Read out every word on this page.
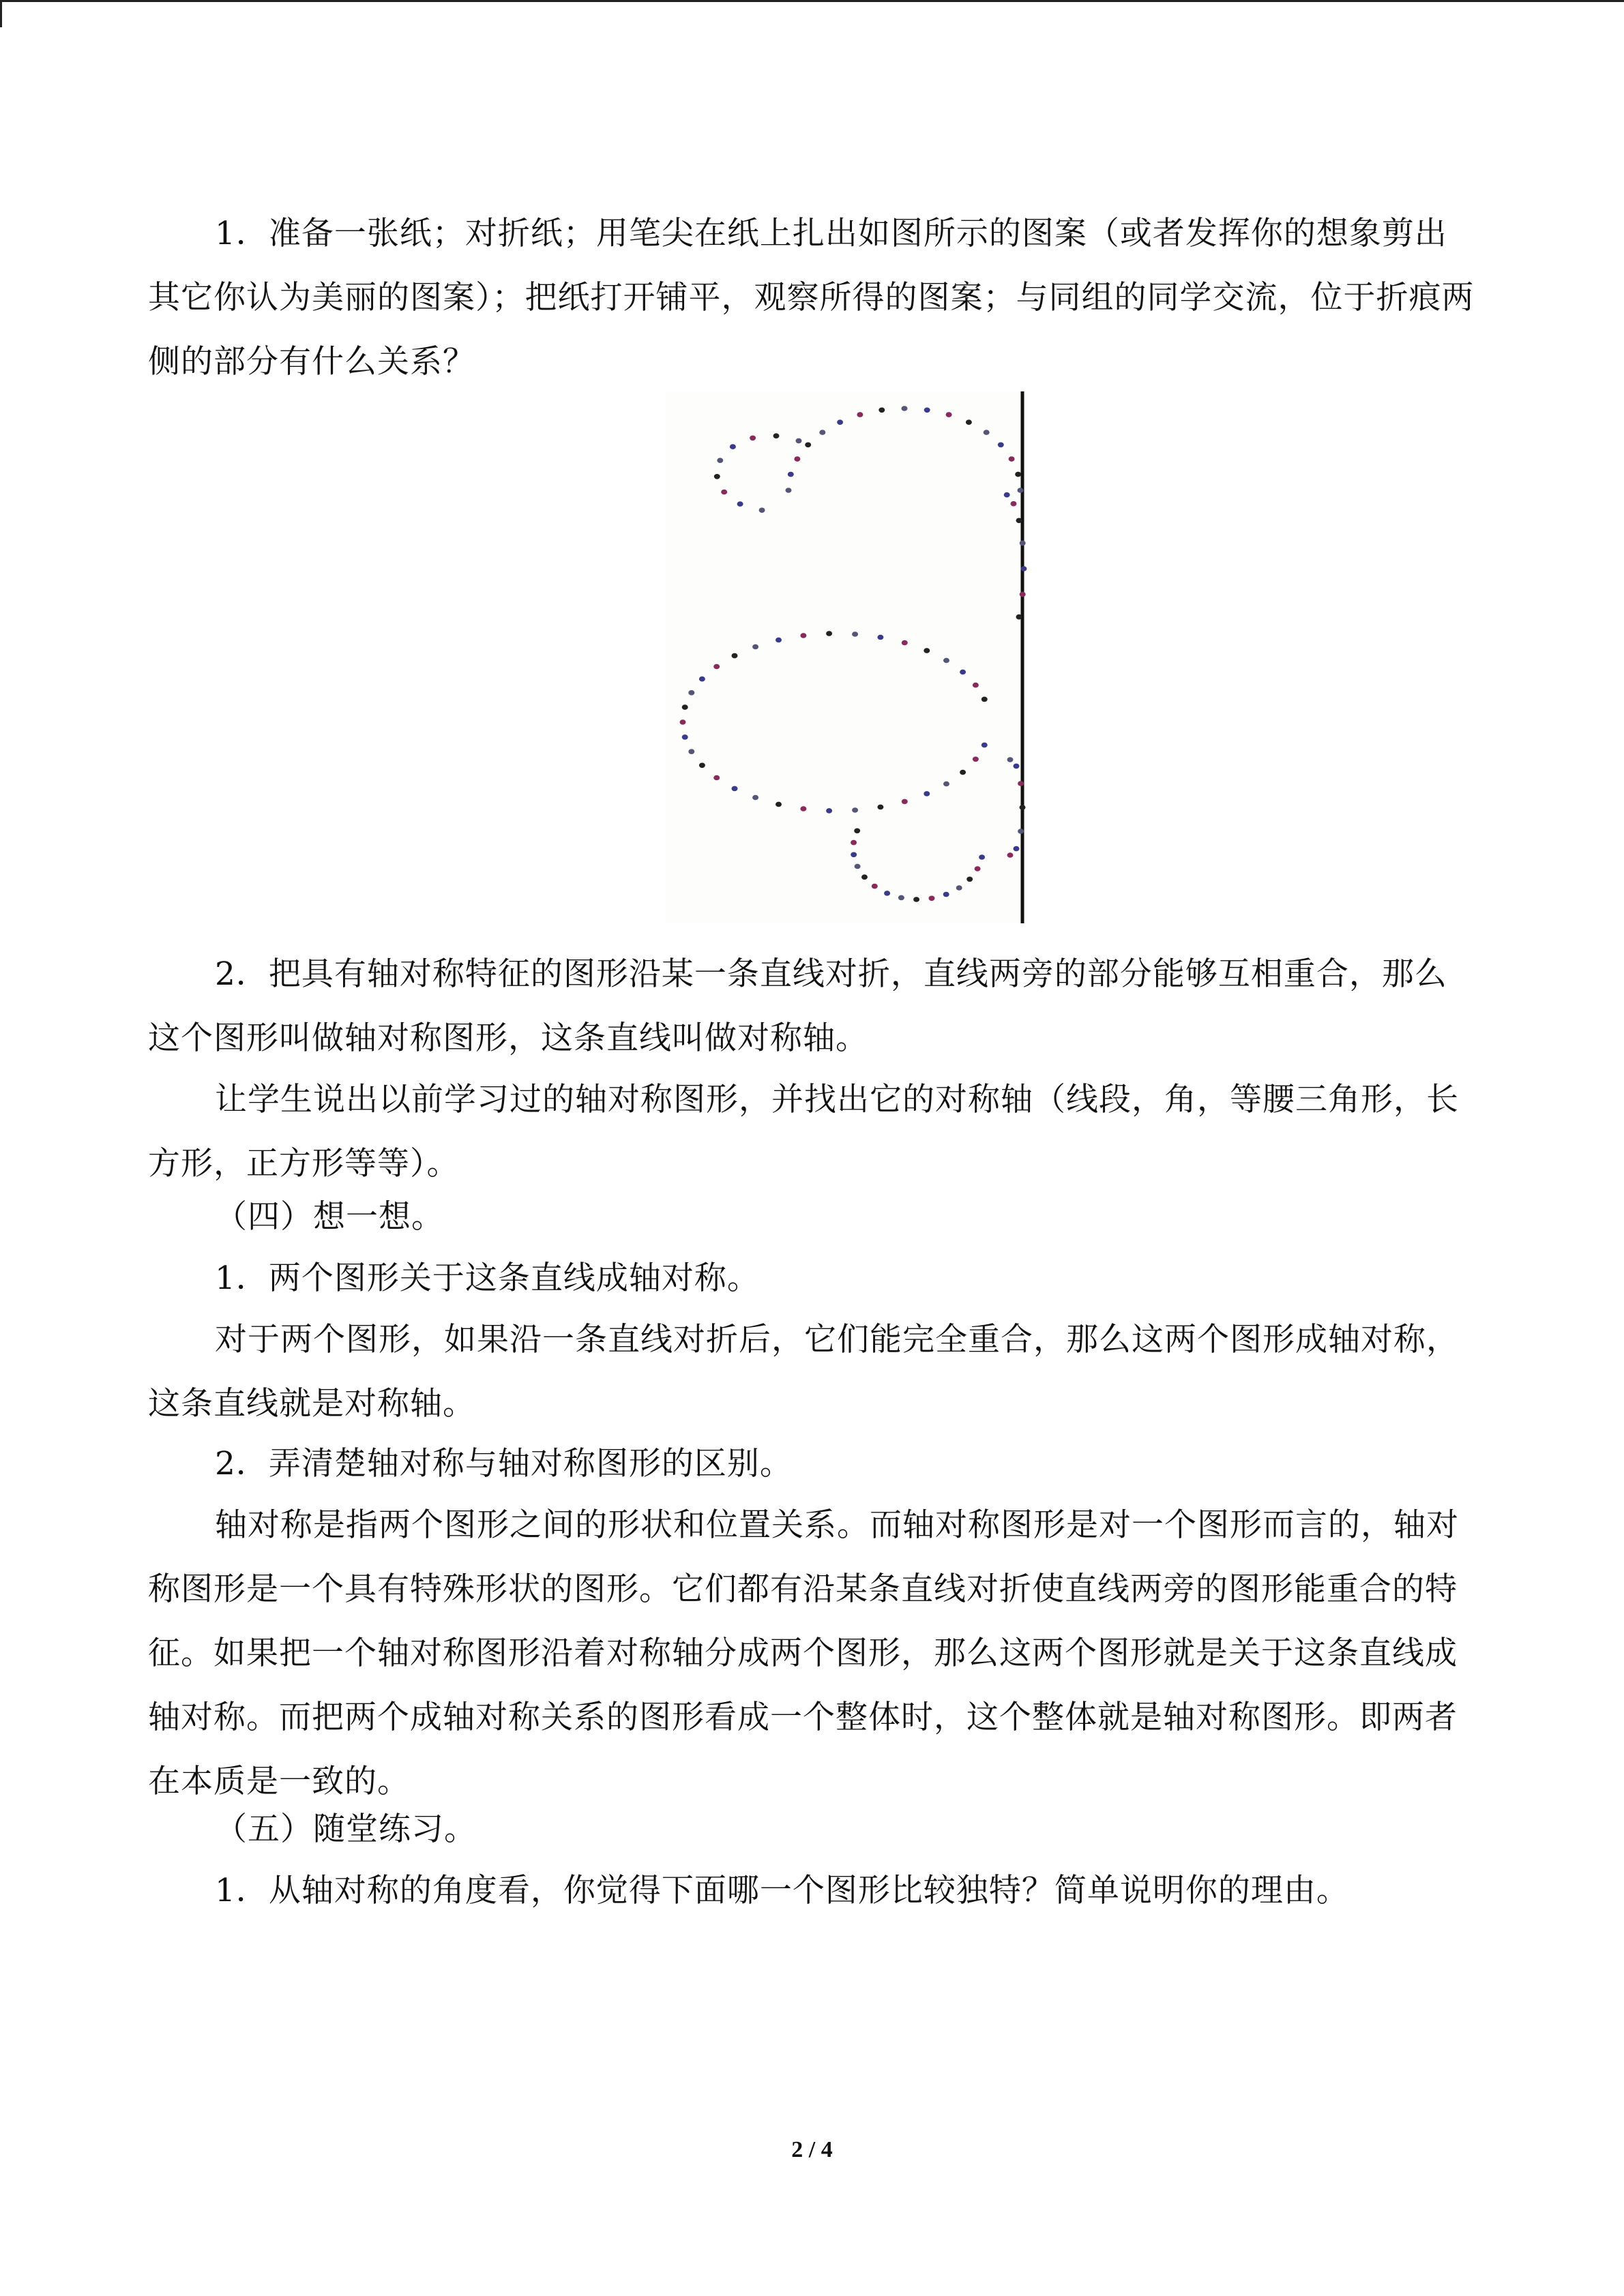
1．准备一张纸；对折纸；用笔尖在纸上扎出如图所示的图案（或者发挥你的想象剪出其它你认为美丽的图案）；把纸打开铺平，观察所得的图案；与同组的同学交流，位于折痕两侧的部分有什么关系？

2．把具有轴对称特征的图形沿某一条直线对折，直线两旁的部分能够互相重合，那么这个图形叫做轴对称图形，这条直线叫做对称轴。

让学生说出以前学习过的轴对称图形，并找出它的对称轴（线段，角，等腰三角形，长方形，正方形等等）。

（四）想一想。

1．两个图形关于这条直线成轴对称。

对于两个图形，如果沿一条直线对折后，它们能完全重合，那么这两个图形成轴对称，这条直线就是对称轴。

2．弄清楚轴对称与轴对称图形的区别。

轴对称是指两个图形之间的形状和位置关系。而轴对称图形是对一个图形而言的，轴对称图形是一个具有特殊形状的图形。它们都有沿某条直线对折使直线两旁的图形能重合的特征。如果把一个轴对称图形沿着对称轴分成两个图形，那么这两个图形就是关于这条直线成轴对称。而把两个成轴对称关系的图形看成一个整体时，这个整体就是轴对称图形。即两者在本质是一致的。

（五）随堂练习。

1．从轴对称的角度看，你觉得下面哪一个图形比较独特？简单说明你的理由。

2 / 4
